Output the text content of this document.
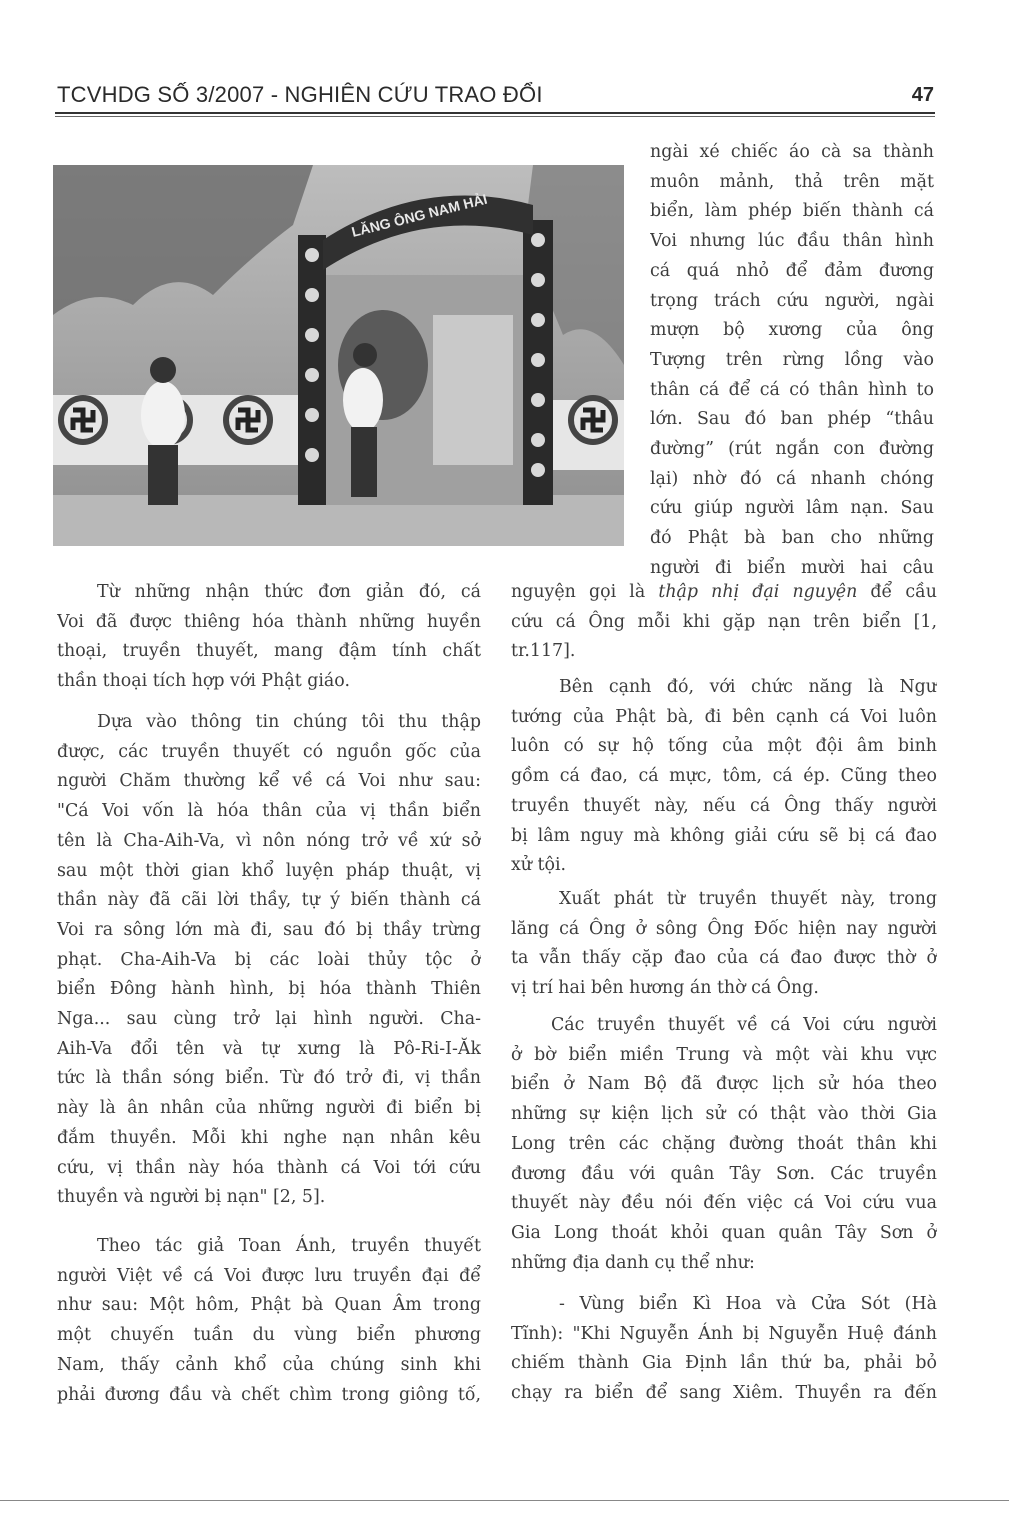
TCVHDG SỐ 3/2007 - NGHIÊN CỨU TRAO ĐỔI	47
LĂNG ÔNG NAM HẢI
ngài xé chiếc áo cà sa thành
muôn mảnh, thả trên mặt
biển, làm phép biến thành cá
Voi nhưng lúc đầu thân hình
cá quá nhỏ để đảm đương
trọng trách cứu người, ngài
mượn bộ xương của ông
Tượng trên rừng lồng vào
thân cá để cá có thân hình to
lớn. Sau đó ban phép “thâu
đường” (rút ngắn con đường
lại) nhờ đó cá nhanh chóng
cứu giúp người lâm nạn. Sau
đó Phật bà ban cho những
người đi biển mười hai câu
nguyện gọi là thập nhị đại nguyện để cầu
cứu cá Ông mỗi khi gặp nạn trên biển [1,
tr.117].
Từ những nhận thức đơn giản đó, cá
Voi đã được thiêng hóa thành những huyền
thoại, truyền thuyết, mang đậm tính chất
thần thoại tích hợp với Phật giáo.
Dựa vào thông tin chúng tôi thu thập
được, các truyền thuyết có nguồn gốc của
người Chăm thường kể về cá Voi như sau:
"Cá Voi vốn là hóa thân của vị thần biển
tên là Cha-Aih-Va, vì nôn nóng trở về xứ sở
sau một thời gian khổ luyện pháp thuật, vị
thần này đã cãi lời thầy, tự ý biến thành cá
Voi ra sông lớn mà đi, sau đó bị thầy trừng
phạt. Cha-Aih-Va bị các loài thủy tộc ở
biển Đông hành hình, bị hóa thành Thiên
Nga... sau cùng trở lại hình người. Cha-
Aih-Va đổi tên và tự xưng là Pô-Ri-I-Ăk
tức là thần sóng biển. Từ đó trở đi, vị thần
này là ân nhân của những người đi biển bị
đắm thuyền. Mỗi khi nghe nạn nhân kêu
cứu, vị thần này hóa thành cá Voi tới cứu
thuyền và người bị nạn" [2, 5].
Theo tác giả Toan Ánh, truyền thuyết
người Việt về cá Voi được lưu truyền đại để
như sau: Một hôm, Phật bà Quan Âm trong
một chuyến tuần du vùng biển phương
Nam, thấy cảnh khổ của chúng sinh khi
phải đương đầu và chết chìm trong giông tố,
Bên cạnh đó, với chức năng là Ngư
tướng của Phật bà, đi bên cạnh cá Voi luôn
luôn có sự hộ tống của một đội âm binh
gồm cá đao, cá mực, tôm, cá ép. Cũng theo
truyền thuyết này, nếu cá Ông thấy người
bị lâm nguy mà không giải cứu sẽ bị cá đao
xử tội.
Xuất phát từ truyền thuyết này, trong
lăng cá Ông ở sông Ông Đốc hiện nay người
ta vẫn thấy cặp đao của cá đao được thờ ở
vị trí hai bên hương án thờ cá Ông.
Các truyền thuyết về cá Voi cứu người
ở bờ biển miền Trung và một vài khu vực
biển ở Nam Bộ đã được lịch sử hóa theo
những sự kiện lịch sử có thật vào thời Gia
Long trên các chặng đường thoát thân khi
đương đầu với quân Tây Sơn. Các truyền
thuyết này đều nói đến việc cá Voi cứu vua
Gia Long thoát khỏi quan quân Tây Sơn ở
những địa danh cụ thể như:
- Vùng biển Kì Hoa và Cửa Sót (Hà
Tĩnh): "Khi Nguyễn Ánh bị Nguyễn Huệ đánh
chiếm thành Gia Định lần thứ ba, phải bỏ
chạy ra biển để sang Xiêm. Thuyền ra đến
